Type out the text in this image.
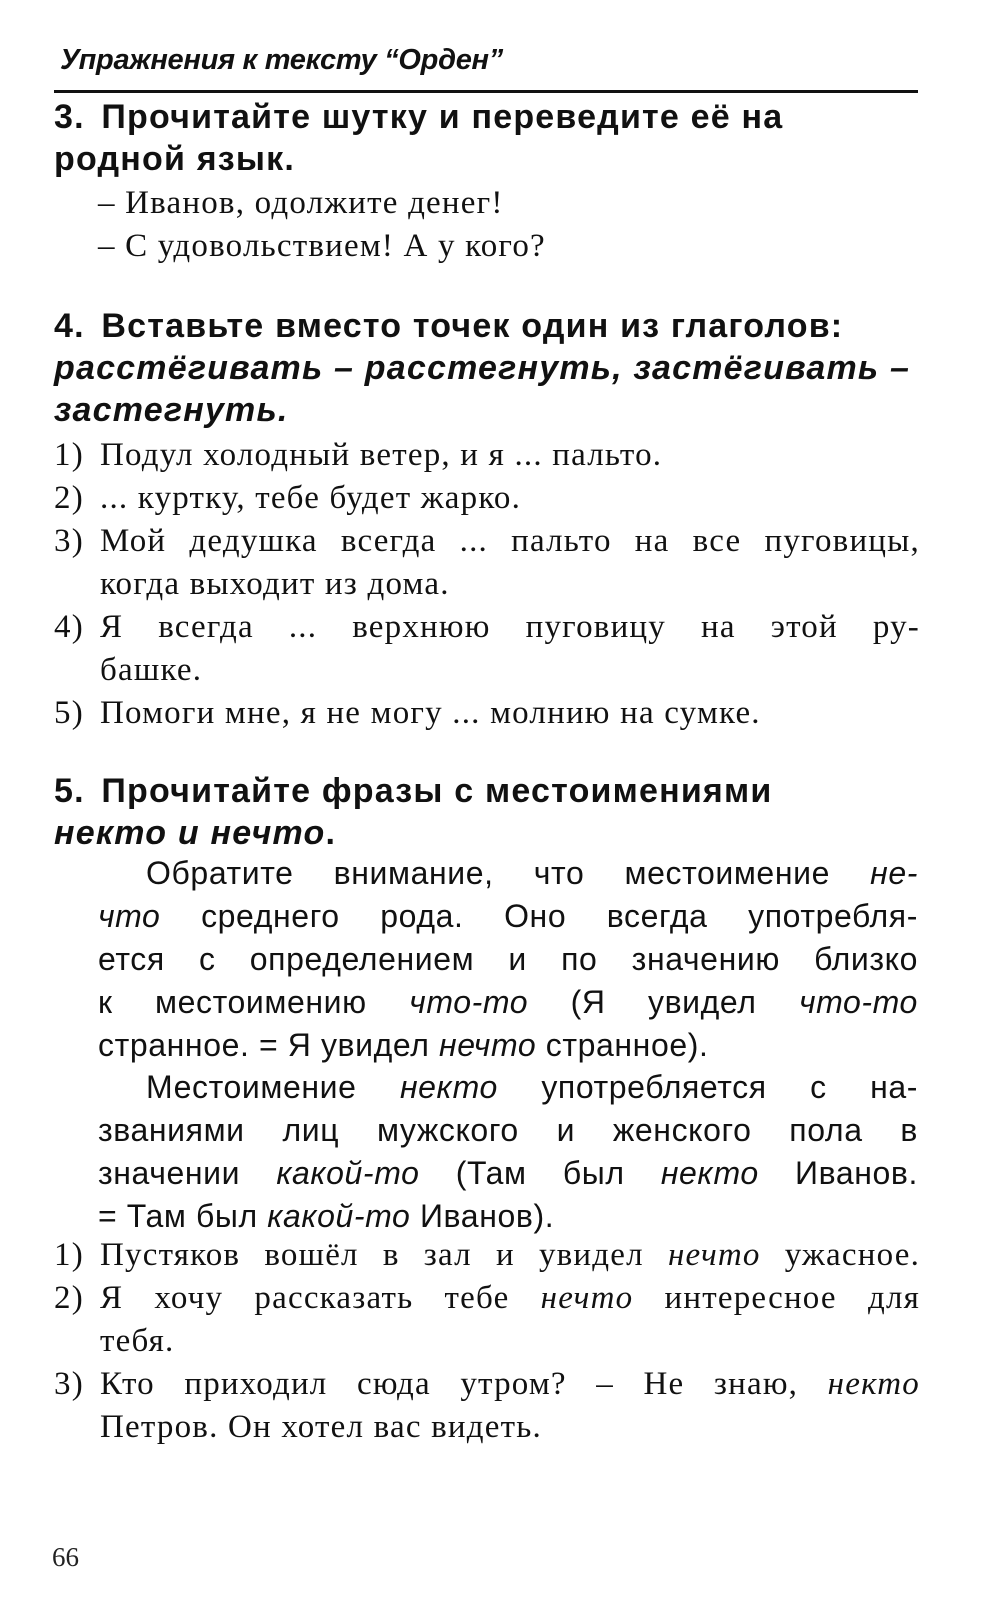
Упражнения к тексту “Орден”
3. Прочитайте шутку и переведите её на
родной язык.
– Иванов, одолжите денег!
– С удовольствием! А у кого?
4. Вставьте вместо точек один из глаголов:
расстёгивать – расстегнуть, застёгивать –
застегнуть.
1) Подул холодный ветер, и я ... пальто.
2) ... куртку, тебе будет жарко.
3) Мой дедушка всегда ... пальто на все пуговицы,
когда выходит из дома.
4) Я всегда ... верхнюю пуговицу на этой ру-
башке.
5) Помоги мне, я не могу ... молнию на сумке.
5. Прочитайте фразы с местоимениями
некто и нечто.
Обратите внимание, что местоимение не-
что среднего рода. Оно всегда употребля-
ется с определением и по значению близко
к местоимению что-то (Я увидел что-то
странное. = Я увидел нечто странное).
Местоимение некто употребляется с на-
званиями лиц мужского и женского пола в
значении какой-то (Там был некто Иванов.
= Там был какой-то Иванов).
1) Пустяков вошёл в зал и увидел нечто ужасное.
2) Я хочу рассказать тебе нечто интересное для
тебя.
3) Кто приходил сюда утром? – Не знаю, некто
Петров. Он хотел вас видеть.
66
